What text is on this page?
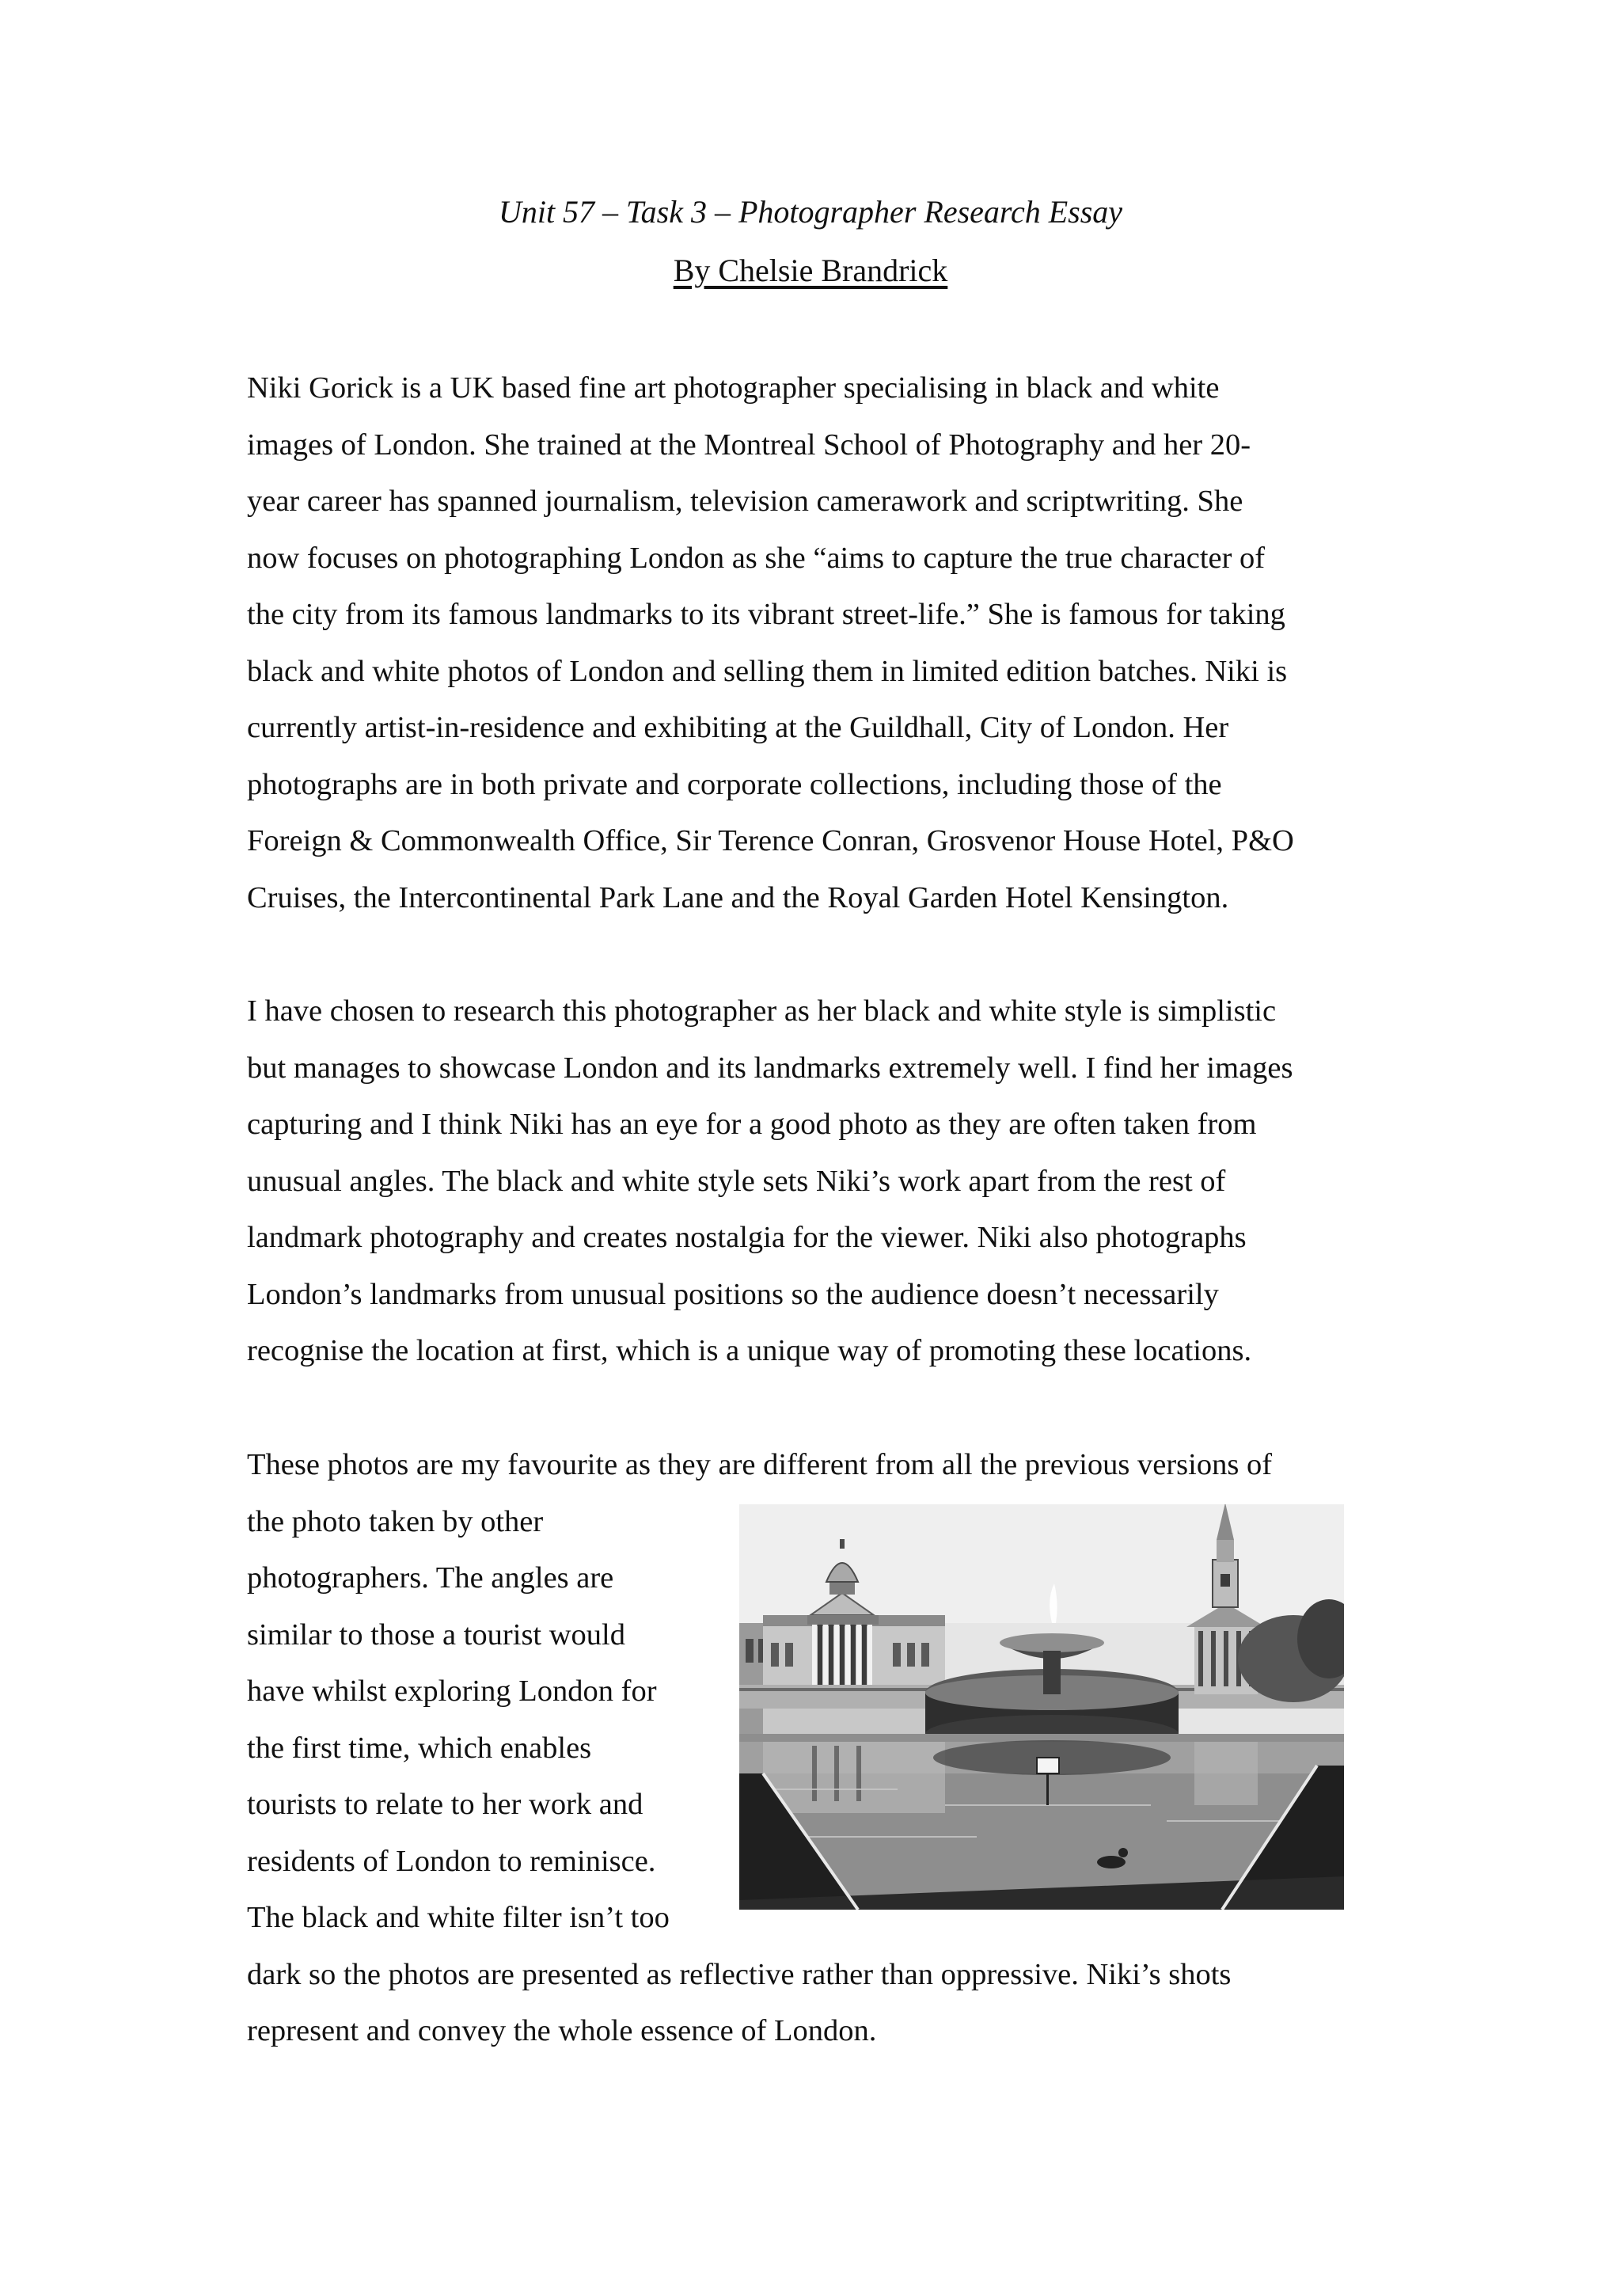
Unit 57 – Task 3 – Photographer Research Essay
By Chelsie Brandrick
Niki Gorick is a UK based fine art photographer specialising in black and white
images of London. She trained at the Montreal School of Photography and her 20-
year career has spanned journalism, television camerawork and scriptwriting. She
now focuses on photographing London as she “aims to capture the true character of
the city from its famous landmarks to its vibrant street-life.” She is famous for taking
black and white photos of London and selling them in limited edition batches. Niki is
currently artist-in-residence and exhibiting at the Guildhall, City of London. Her
photographs are in both private and corporate collections, including those of the
Foreign & Commonwealth Office, Sir Terence Conran, Grosvenor House Hotel, P&O
Cruises, the Intercontinental Park Lane and the Royal Garden Hotel Kensington.
I have chosen to research this photographer as her black and white style is simplistic
but manages to showcase London and its landmarks extremely well. I find her images
capturing and I think Niki has an eye for a good photo as they are often taken from
unusual angles. The black and white style sets Niki’s work apart from the rest of
landmark photography and creates nostalgia for the viewer. Niki also photographs
London’s landmarks from unusual positions so the audience doesn’t necessarily
recognise the location at first, which is a unique way of promoting these locations.
These photos are my favourite as they are different from all the previous versions of
the photo taken by other
photographers. The angles are
similar to those a tourist would
have whilst exploring London for
the first time, which enables
tourists to relate to her work and
residents of London to reminisce.
The black and white filter isn’t too
dark so the photos are presented as reflective rather than oppressive. Niki’s shots
represent and convey the whole essence of London.
